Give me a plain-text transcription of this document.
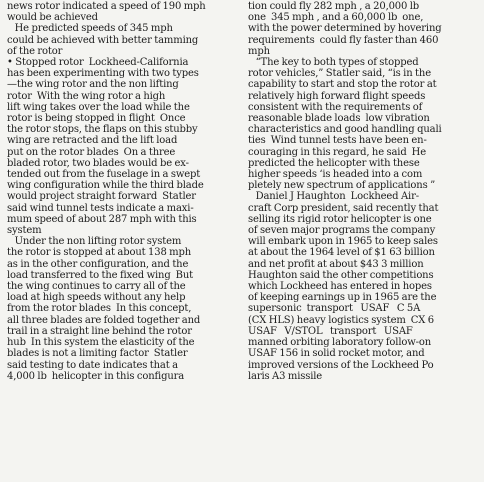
news rotor indicated a speed of 190 mph
would be achieved
He predicted speeds of 345 mph
could be achieved with better tamming
of the rotor
• Stopped rotor  Lockheed-California
has been experimenting with two types
—the wing rotor and the non lifting
rotor  With the wing rotor a high
lift wing takes over the load while the
rotor is being stopped in flight  Once
the rotor stops, the flaps on this stubby
wing are retracted and the lift load
put on the rotor blades  On a three
bladed rotor, two blades would be ex-
tended out from the fuselage in a swept
wing configuration while the third blade
would project straight forward  Statler
said wind tunnel tests indicate a maxi-
mum speed of about 287 mph with this
system
Under the non lifting rotor system
the rotor is stopped at about 138 mph
as in the other configuration, and the
load transferred to the fixed wing  But
the wing continues to carry all of the
load at high speeds without any help
from the rotor blades  In this concept,
all three blades are folded together and
trail in a straight line behind the rotor
hub  In this system the elasticity of the
blades is not a limiting factor  Statler
said testing to date indicates that a
4,000 lb  helicopter in this configura
tion could fly 282 mph , a 20,000 lb
one  345 mph , and a 60,000 lb  one,
with the power determined by hovering
requirements  could fly faster than 460
mph
“The key to both types of stopped
rotor vehicles,” Statler said, “is in the
capability to start and stop the rotor at
relatively high forward flight speeds
consistent with the requirements of
reasonable blade loads  low vibration
characteristics and good handling quali
ties  Wind tunnel tests have been en-
couraging in this regard, he said  He
predicted the helicopter with these
higher speeds ‘is headed into a com
pletely new spectrum of applications ”
Daniel J Haughton  Lockheed Air-
craft Corp president, said recently that
selling its rigid rotor helicopter is one
of seven major programs the company
will embark upon in 1965 to keep sales
at about the 1964 level of $1 63 billion
and net profit at about $43 3 million
Haughton said the other competitions
which Lockheed has entered in hopes
of keeping earnings up in 1965 are the
supersonic  transport   USAF   C 5A
(CX HLS) heavy logistics system  CX 6
USAF   V/STOL   transport   USAF
manned orbiting laboratory follow-on
USAF 156 in solid rocket motor, and
improved versions of the Lockheed Po
laris A3 missile
